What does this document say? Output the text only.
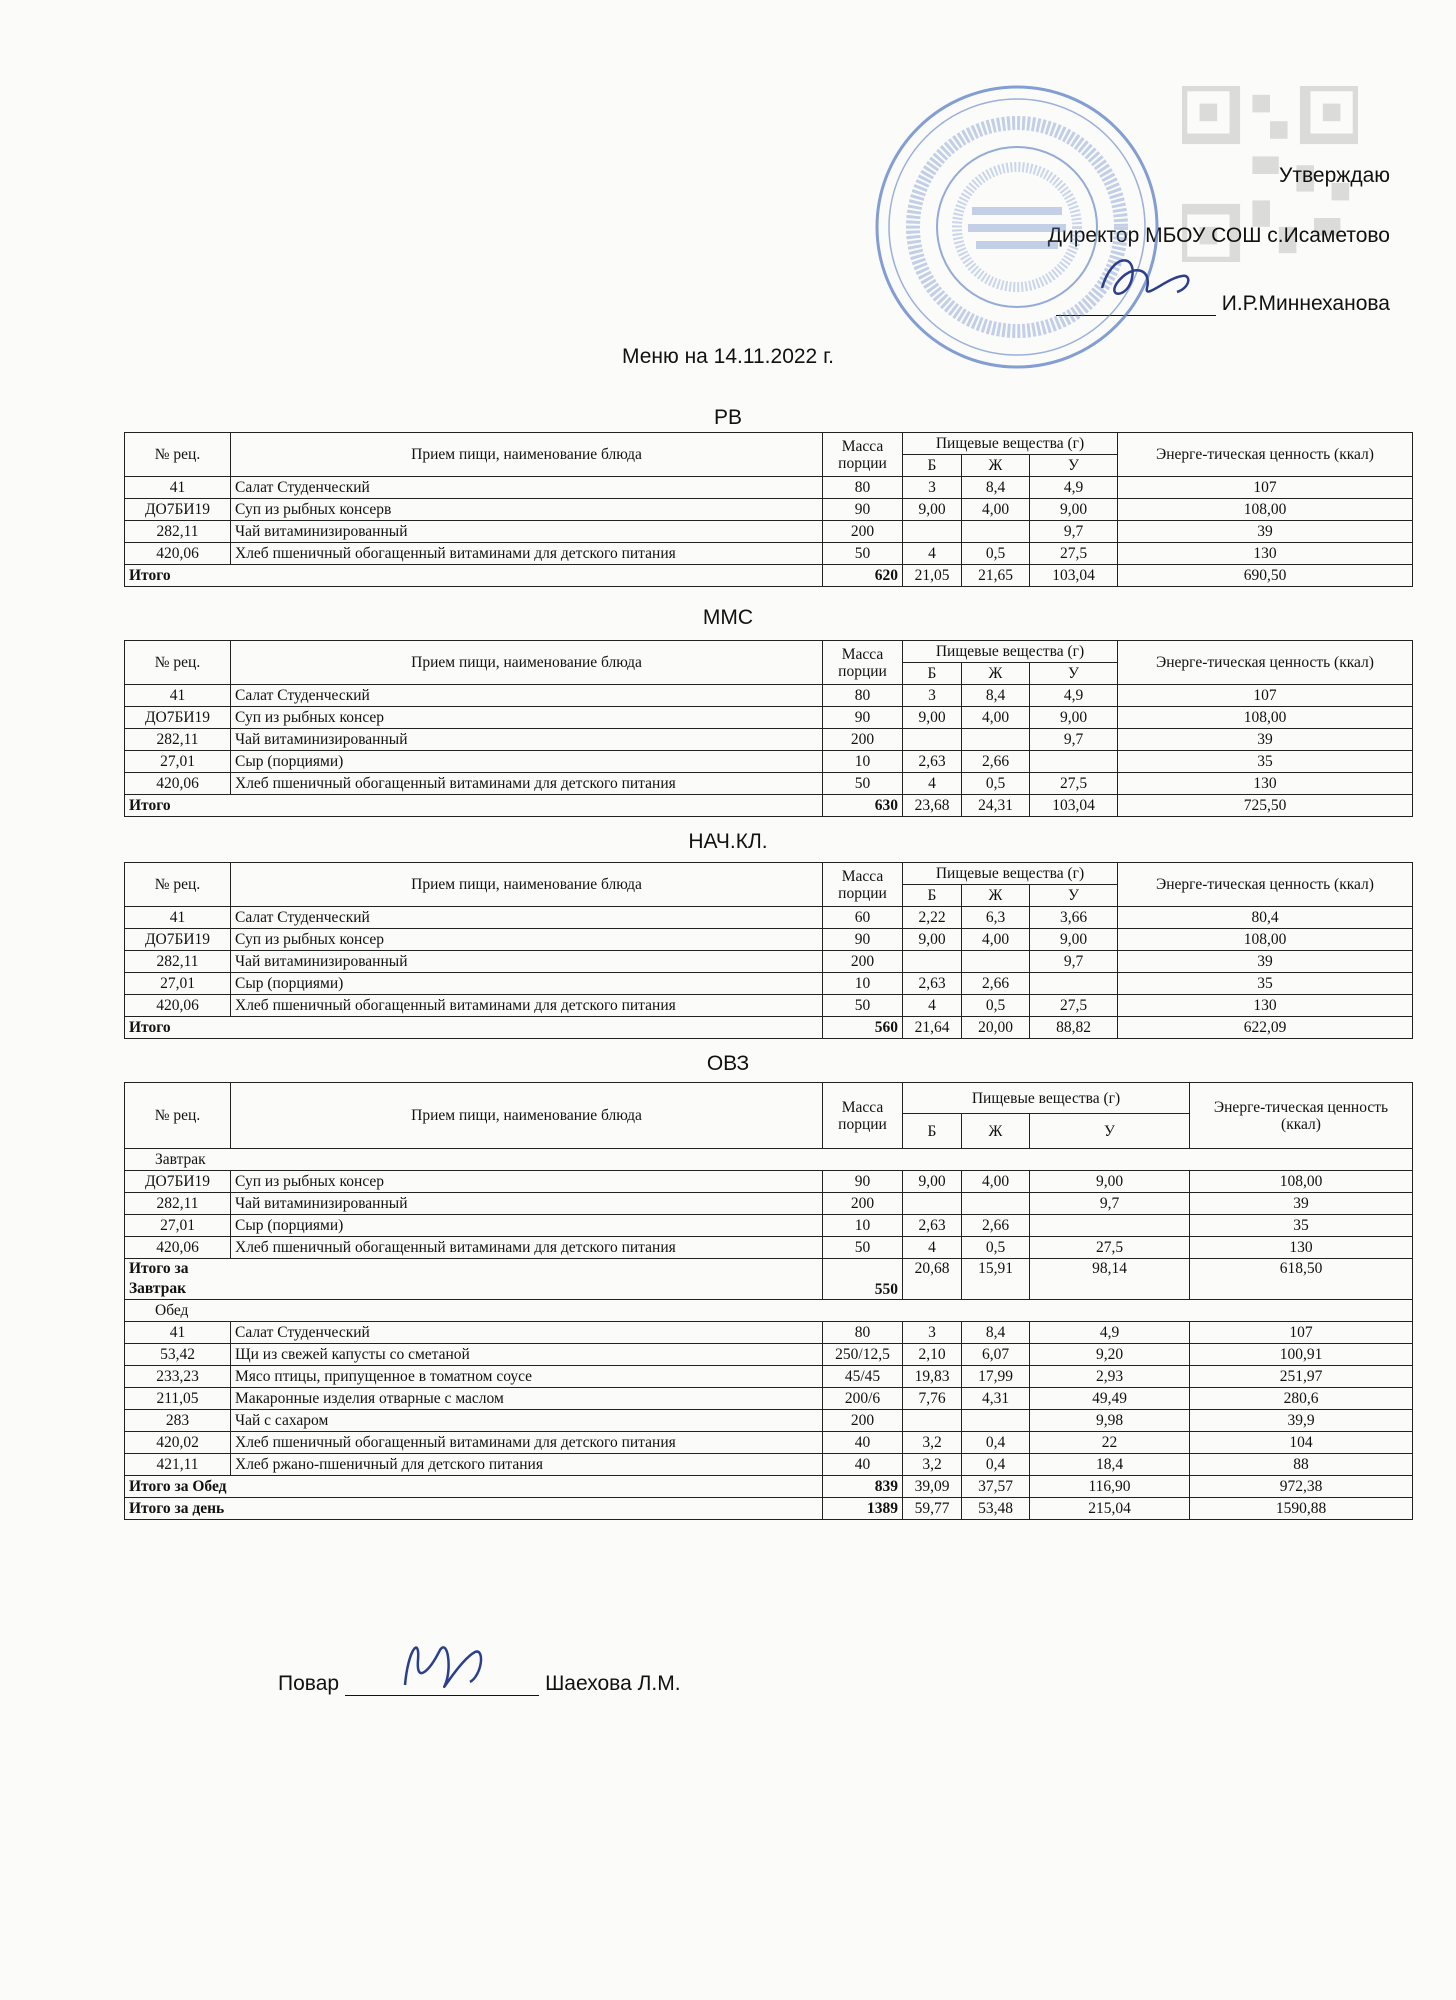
Утверждаю
Директор МБОУ СОШ с.Исаметово
И.Р.Миннеханова
Меню на 14.11.2022 г.
РВ
№ рец.	Прием пищи, наименование блюда	Масса порции	Пищевые вещества (г)			Энерге-тическая ценность (ккал)
			Б	Ж	У	
41	Салат Студенческий	80	3	8,4	4,9	107
ДО7БИ19	Суп из рыбных консерв	90	9,00	4,00	9,00	108,00
282,11	Чай витаминизированный	200			9,7	39
420,06	Хлеб пшеничный обогащенный витаминами для детского питания	50	4	0,5	27,5	130
Итого		620	21,05	21,65	103,04	690,50
ММС
№ рец.	Прием пищи, наименование блюда	Масса порции	Пищевые вещества (г)			Энерге-тическая ценность (ккал)
			Б	Ж	У	
41	Салат Студенческий	80	3	8,4	4,9	107
ДО7БИ19	Суп из рыбных консер	90	9,00	4,00	9,00	108,00
282,11	Чай витаминизированный	200			9,7	39
27,01	Сыр (порциями)	10	2,63	2,66		35
420,06	Хлеб пшеничный обогащенный витаминами для детского питания	50	4	0,5	27,5	130
Итого		630	23,68	24,31	103,04	725,50
НАЧ.КЛ.
№ рец.	Прием пищи, наименование блюда	Масса порции	Пищевые вещества (г)			Энерге-тическая ценность (ккал)
			Б	Ж	У	
41	Салат Студенческий	60	2,22	6,3	3,66	80,4
ДО7БИ19	Суп из рыбных консер	90	9,00	4,00	9,00	108,00
282,11	Чай витаминизированный	200			9,7	39
27,01	Сыр (порциями)	10	2,63	2,66		35
420,06	Хлеб пшеничный обогащенный витаминами для детского питания	50	4	0,5	27,5	130
Итого		560	21,64	20,00	88,82	622,09
ОВЗ
№ рец.	Прием пищи, наименование блюда	Масса порции	Пищевые вещества (г)			Энерге-тическая ценность (ккал)
			Б	Ж	У	
Завтрак						
ДО7БИ19	Суп из рыбных консер	90	9,00	4,00	9,00	108,00
282,11	Чай витаминизированный	200			9,7	39
27,01	Сыр (порциями)	10	2,63	2,66		35
420,06	Хлеб пшеничный обогащенный витаминами для детского питания	50	4	0,5	27,5	130
Итого за
Завтрак		550	20,68	15,91	98,14	618,50
Обед						
41	Салат Студенческий	80	3	8,4	4,9	107
53,42	Щи из свежей капусты со сметаной	250/12,5	2,10	6,07	9,20	100,91
233,23	Мясо птицы, припущенное в томатном соусе	45/45	19,83	17,99	2,93	251,97
211,05	Макаронные изделия отварные с маслом	200/6	7,76	4,31	49,49	280,6
283	Чай с сахаром	200			9,98	39,9
420,02	Хлеб пшеничный обогащенный витаминами для детского питания	40	3,2	0,4	22	104
421,11	Хлеб ржано-пшеничный для детского питания	40	3,2	0,4	18,4	88
Итого за Обед		839	39,09	37,57	116,90	972,38
Итого за день		1389	59,77	53,48	215,04	1590,88
Повар	Шаехова Л.М.
